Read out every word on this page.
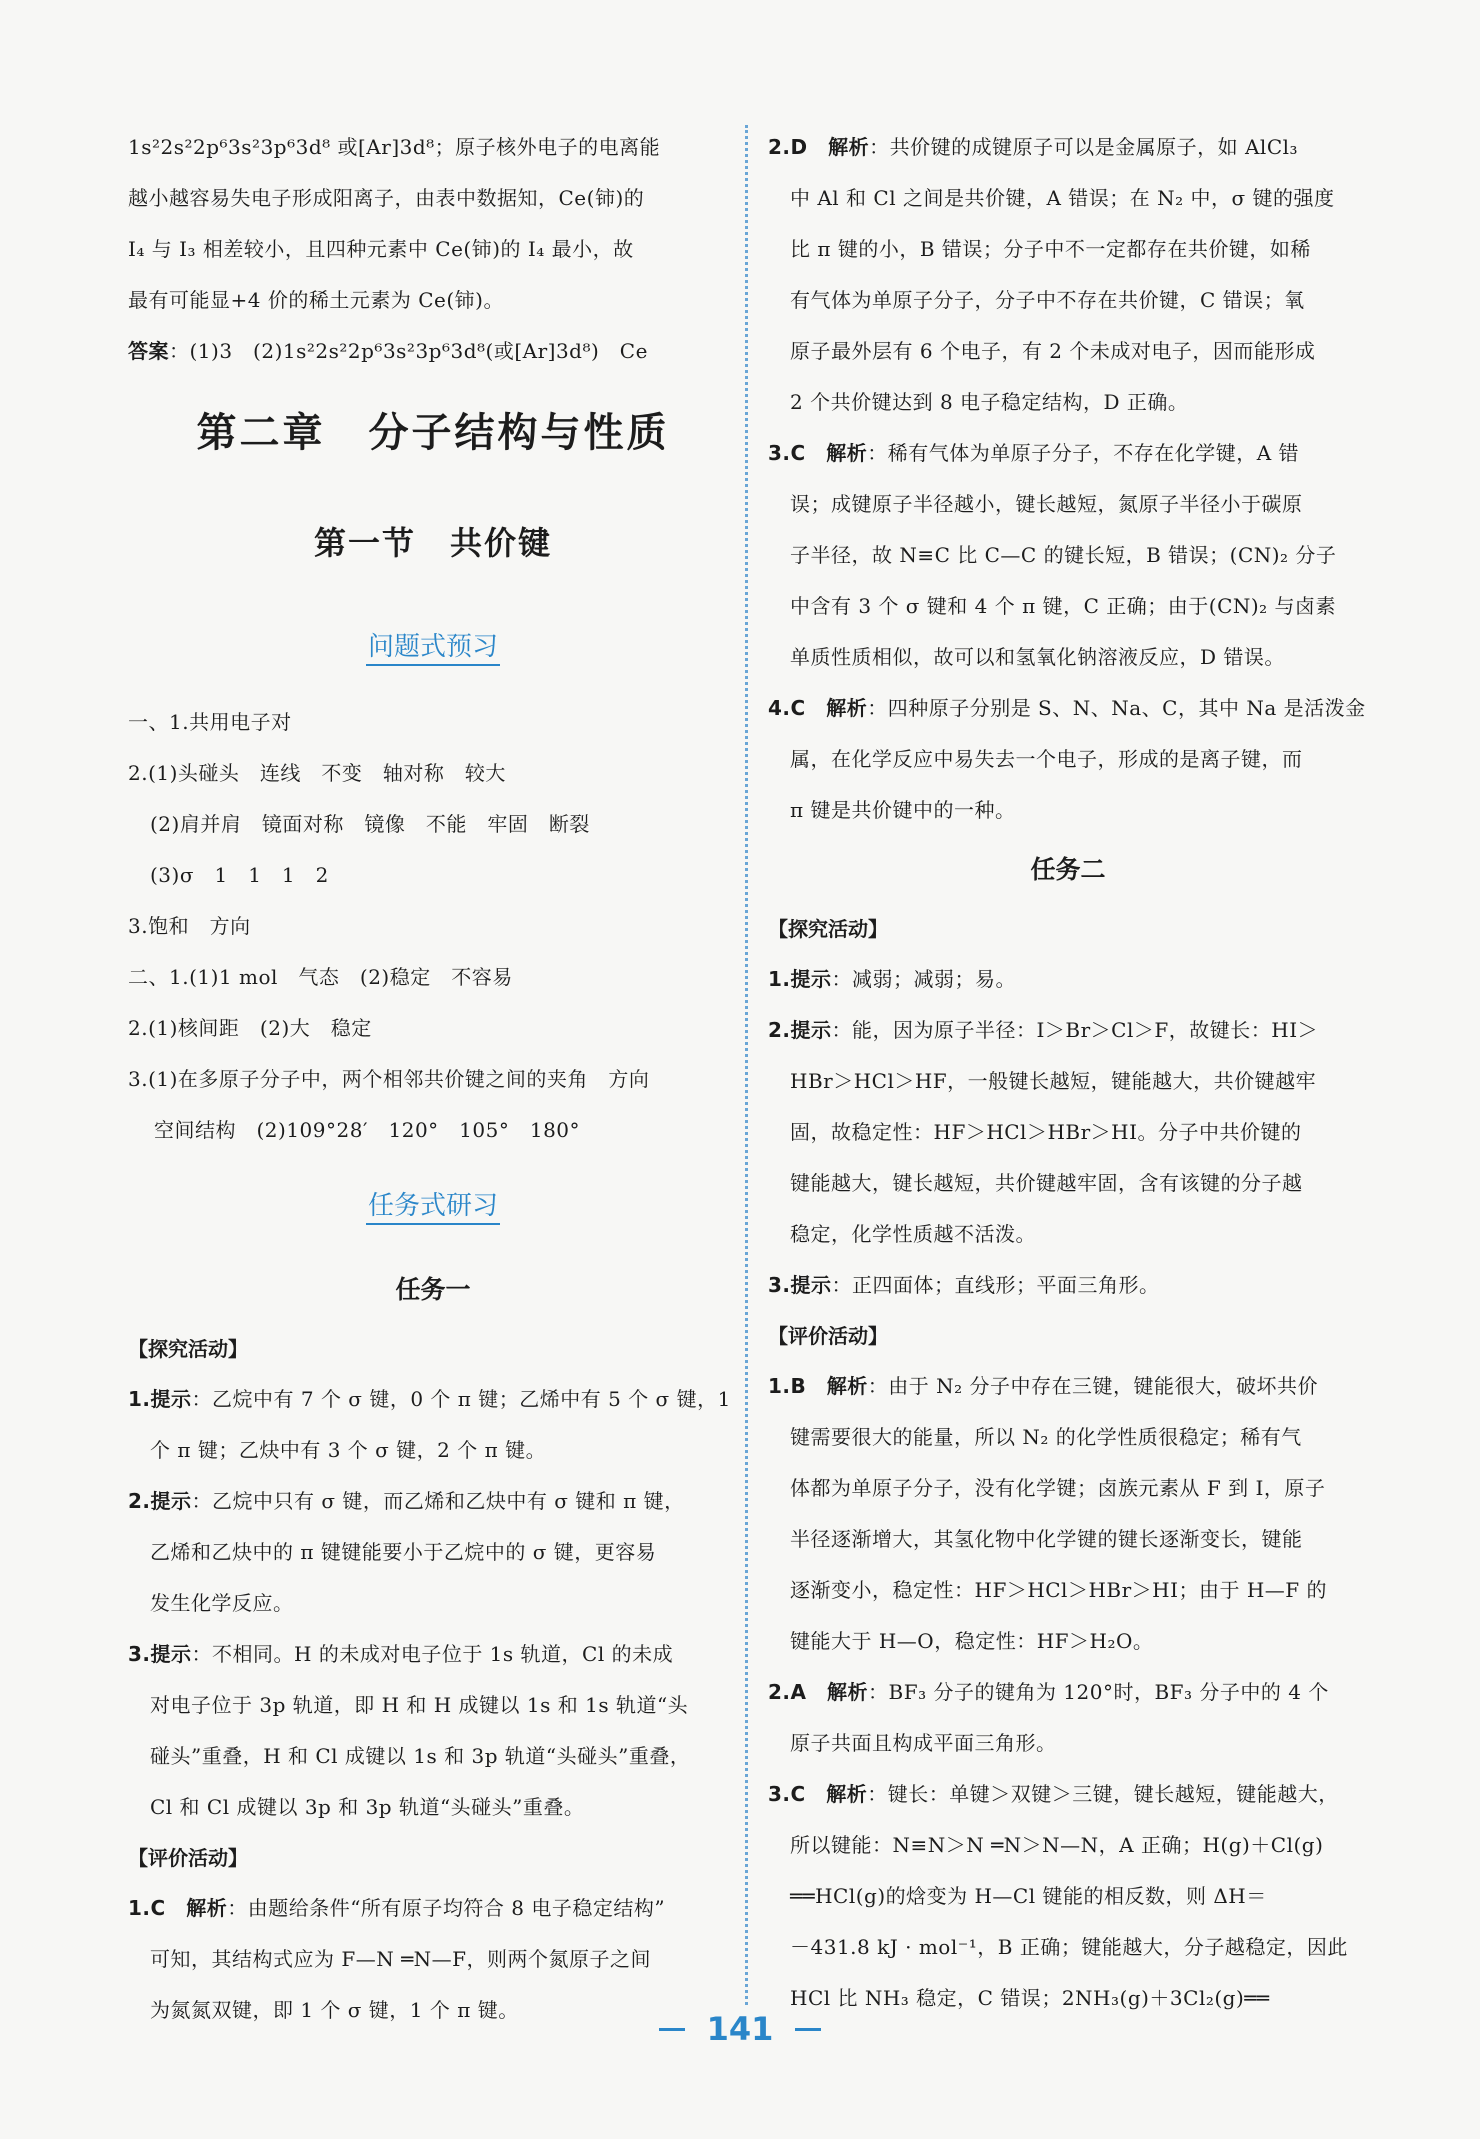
1s²2s²2p⁶3s²3p⁶3d⁸ 或[Ar]3d⁸；原子核外电子的电离能
越小越容易失电子形成阳离子，由表中数据知，Ce(铈)的
I₄ 与 I₃ 相差较小，且四种元素中 Ce(铈)的 I₄ 最小，故
最有可能显+4 价的稀土元素为 Ce(铈)。
答案：(1)3　(2)1s²2s²2p⁶3s²3p⁶3d⁸(或[Ar]3d⁸)　Ce
第二章　分子结构与性质
第一节　共价键
问题式预习
一、1.共用电子对
2.(1)头碰头　连线　不变　轴对称　较大
(2)肩并肩　镜面对称　镜像　不能　牢固　断裂
(3)σ　1　1　1　2
3.饱和　方向
二、1.(1)1 mol　气态　(2)稳定　不容易
2.(1)核间距　(2)大　稳定
3.(1)在多原子分子中，两个相邻共价键之间的夹角　方向
空间结构　(2)109°28′　120°　105°　180°
任务式研习
任务一
【探究活动】
1.提示：乙烷中有 7 个 σ 键，0 个 π 键；乙烯中有 5 个 σ 键，1
个 π 键；乙炔中有 3 个 σ 键，2 个 π 键。
2.提示：乙烷中只有 σ 键，而乙烯和乙炔中有 σ 键和 π 键，
乙烯和乙炔中的 π 键键能要小于乙烷中的 σ 键，更容易
发生化学反应。
3.提示：不相同。H 的未成对电子位于 1s 轨道，Cl 的未成
对电子位于 3p 轨道，即 H 和 H 成键以 1s 和 1s 轨道“头
碰头”重叠，H 和 Cl 成键以 1s 和 3p 轨道“头碰头”重叠，
Cl 和 Cl 成键以 3p 和 3p 轨道“头碰头”重叠。
【评价活动】
1.C　解析：由题给条件“所有原子均符合 8 电子稳定结构”
可知，其结构式应为 F—N ═N—F，则两个氮原子之间
为氮氮双键，即 1 个 σ 键，1 个 π 键。
2.D　解析：共价键的成键原子可以是金属原子，如 AlCl₃
中 Al 和 Cl 之间是共价键，A 错误；在 N₂ 中，σ 键的强度
比 π 键的小，B 错误；分子中不一定都存在共价键，如稀
有气体为单原子分子，分子中不存在共价键，C 错误；氧
原子最外层有 6 个电子，有 2 个未成对电子，因而能形成
2 个共价键达到 8 电子稳定结构，D 正确。
3.C　解析：稀有气体为单原子分子，不存在化学键，A 错
误；成键原子半径越小，键长越短，氮原子半径小于碳原
子半径，故 N≡C 比 C—C 的键长短，B 错误；(CN)₂ 分子
中含有 3 个 σ 键和 4 个 π 键，C 正确；由于(CN)₂ 与卤素
单质性质相似，故可以和氢氧化钠溶液反应，D 错误。
4.C　解析：四种原子分别是 S、N、Na、C，其中 Na 是活泼金
属，在化学反应中易失去一个电子，形成的是离子键，而
π 键是共价键中的一种。
任务二
【探究活动】
1.提示：减弱；减弱；易。
2.提示：能，因为原子半径：I＞Br＞Cl＞F，故键长：HI＞
HBr＞HCl＞HF，一般键长越短，键能越大，共价键越牢
固，故稳定性：HF＞HCl＞HBr＞HI。分子中共价键的
键能越大，键长越短，共价键越牢固，含有该键的分子越
稳定，化学性质越不活泼。
3.提示：正四面体；直线形；平面三角形。
【评价活动】
1.B　解析：由于 N₂ 分子中存在三键，键能很大，破坏共价
键需要很大的能量，所以 N₂ 的化学性质很稳定；稀有气
体都为单原子分子，没有化学键；卤族元素从 F 到 I，原子
半径逐渐增大，其氢化物中化学键的键长逐渐变长，键能
逐渐变小，稳定性：HF＞HCl＞HBr＞HI；由于 H—F 的
键能大于 H—O，稳定性：HF＞H₂O。
2.A　解析：BF₃ 分子的键角为 120°时，BF₃ 分子中的 4 个
原子共面且构成平面三角形。
3.C　解析：键长：单键＞双键＞三键，键长越短，键能越大，
所以键能：N≡N＞N ═N＞N—N，A 正确；H(g)＋Cl(g)
══HCl(g)的焓变为 H—Cl 键能的相反数，则 ΔH＝
－431.8 kJ · mol⁻¹，B 正确；键能越大，分子越稳定，因此
HCl 比 NH₃ 稳定，C 错误；2NH₃(g)＋3Cl₂(g)══
141
